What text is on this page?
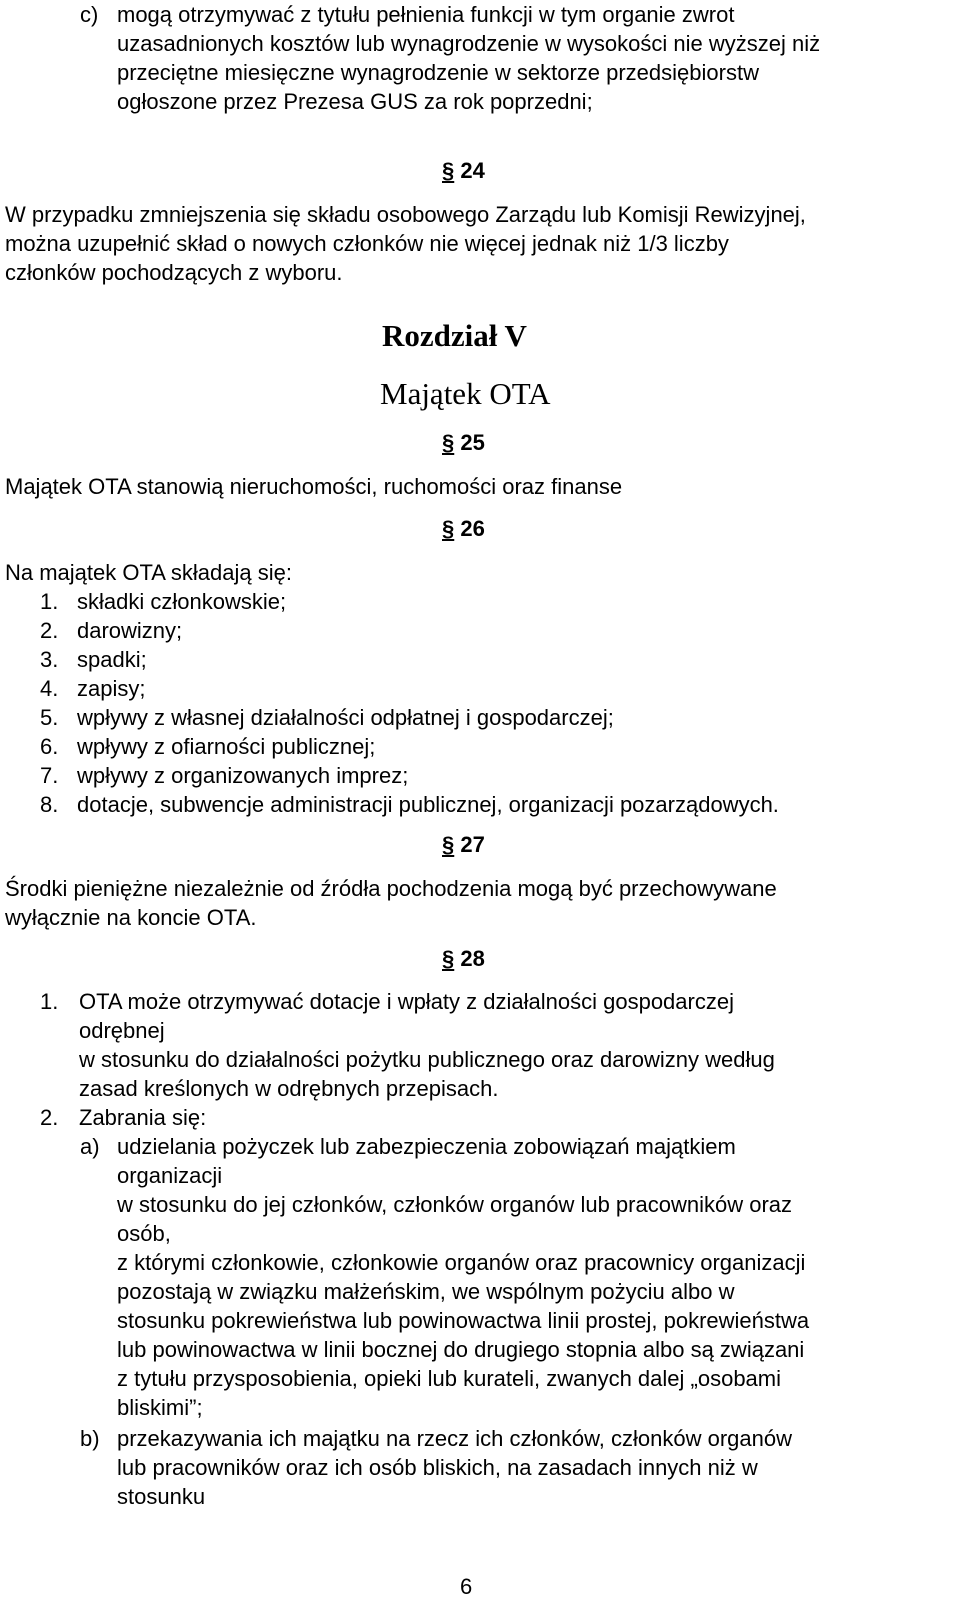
c) mogą otrzymywać z tytułu pełnienia funkcji w tym organie zwrot
uzasadnionych kosztów lub wynagrodzenie w wysokości nie wyższej niż
przeciętne miesięczne wynagrodzenie w sektorze przedsiębiorstw
ogłoszone przez Prezesa GUS za rok poprzedni;
§ 24
W przypadku zmniejszenia się składu osobowego Zarządu lub Komisji Rewizyjnej,
można uzupełnić skład o nowych członków nie więcej jednak niż 1/3 liczby
członków pochodzących z wyboru.
Rozdział V
Majątek OTA
§ 25
Majątek OTA stanowią nieruchomości, ruchomości oraz finanse
§ 26
Na majątek OTA składają się:
1. składki członkowskie;
2. darowizny;
3. spadki;
4. zapisy;
5. wpływy z własnej działalności odpłatnej i gospodarczej;
6. wpływy z ofiarności publicznej;
7. wpływy z organizowanych imprez;
8. dotacje, subwencje administracji publicznej, organizacji pozarządowych.
§ 27
Środki pieniężne niezależnie od źródła pochodzenia mogą być przechowywane
wyłącznie na koncie OTA.
§ 28
1. OTA może otrzymywać dotacje i wpłaty z działalności gospodarczej
odrębnej
w stosunku do działalności pożytku publicznego oraz darowizny według
zasad kreślonych w odrębnych przepisach.
2. Zabrania się:
a) udzielania pożyczek lub zabezpieczenia zobowiązań majątkiem
organizacji
w stosunku do jej członków, członków organów lub pracowników oraz
osób,
z którymi członkowie, członkowie organów oraz pracownicy organizacji
pozostają w związku małżeńskim, we wspólnym pożyciu albo w
stosunku pokrewieństwa lub powinowactwa linii prostej, pokrewieństwa
lub powinowactwa w linii bocznej do drugiego stopnia albo są związani
z tytułu przysposobienia, opieki lub kurateli, zwanych dalej „osobami
bliskimi”;
b) przekazywania ich majątku na rzecz ich członków, członków organów
lub pracowników oraz ich osób bliskich, na zasadach innych niż w
stosunku
6
